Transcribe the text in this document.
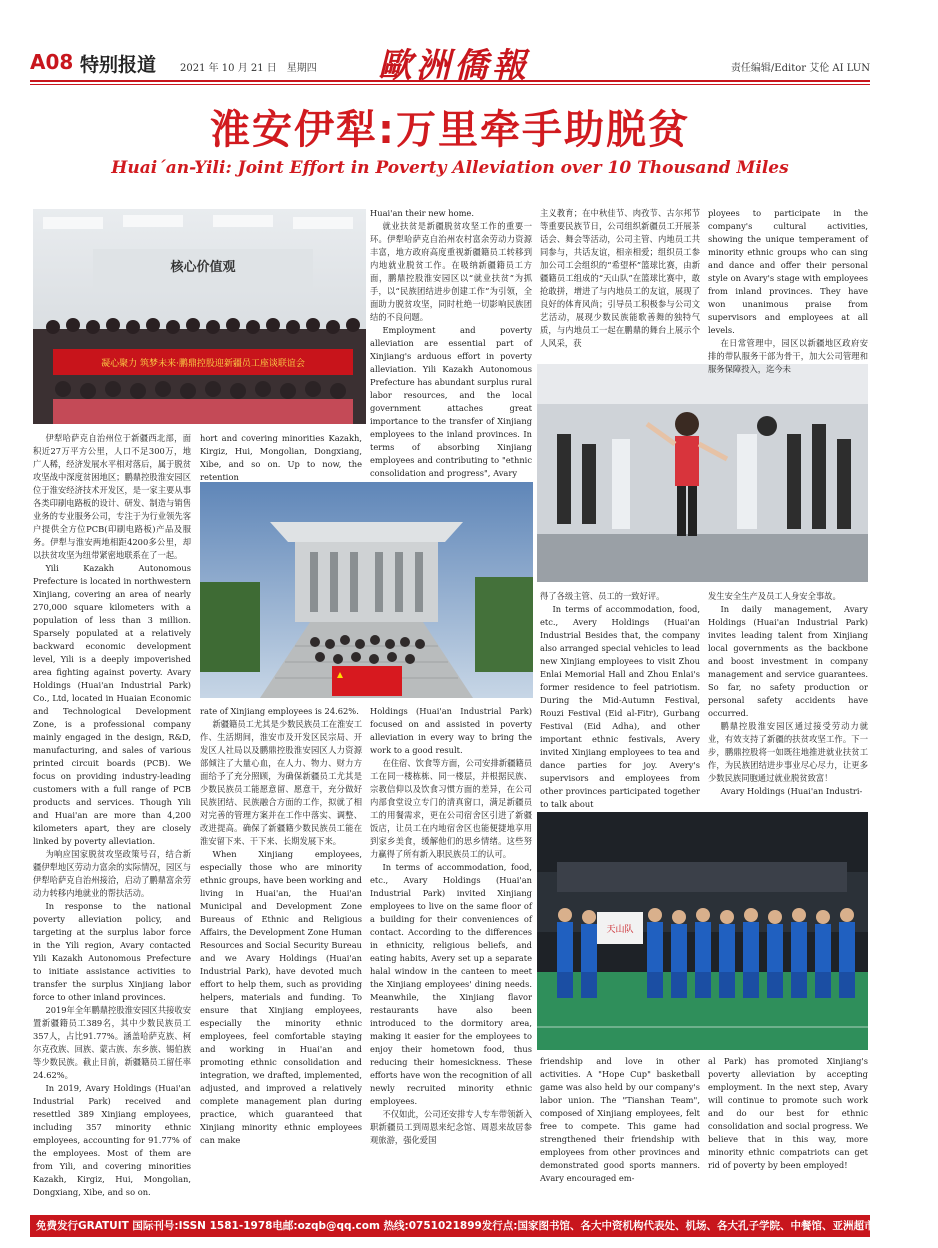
A08 特别报道 2021 年 10 月 21 日　星期四 歐洲僑報	责任编辑/Editor 艾伦 AI LUN
淮安伊犁:万里牵手助脱贫
Huai´an-Yili: Joint Effort in Poverty Alleviation over 10 Thousand Miles
核心价值观
凝心聚力 筑梦未来·鹏鼎控股迎新疆员工座谈联谊会
天山队

伊犁哈萨克自治州位于新疆西北部，面积近27万平方公里，人口不足300万，地广人稀，经济发展水平相对落后，属于脱贫攻坚战中深度贫困地区；鹏鼎控股淮安园区位于淮安经济技术开发区，是一家主要从事各类印刷电路板的设计、研发、制造与销售业务的专业服务公司，专注于为行业领先客户提供全方位PCB(印刷电路板)产品及服务。伊犁与淮安两地相距4200多公里，却以扶贫攻坚为纽带紧密地联系在了一起。

Yili Kazakh Autonomous Prefecture is located in northwestern Xinjiang, covering an area of nearly 270,000 square kilometers with a population of less than 3 million. Sparsely populated at a relatively backward economic development level, Yili is a deeply impoverished area fighting against poverty. Avary Holdings (Huai'an Industrial Park) Co., Ltd, located in Huaian Economic and Technological Development Zone, is a professional company mainly engaged in the design, R&D, manufacturing, and sales of various printed circuit boards (PCB). We focus on providing industry-leading customers with a full range of PCB products and services. Though Yili and Huai'an are more than 4,200 kilometers apart, they are closely linked by poverty alleviation.

为响应国家脱贫攻坚政策号召，结合新疆伊犁地区劳动力富余的实际情况，园区与伊犁哈萨克自治州接洽，启动了鹏鼎富余劳动力转移内地就业的帮扶活动。

In response to the national poverty alleviation policy, and targeting at the surplus labor force in the Yili region, Avary contacted Yili Kazakh Autonomous Prefecture to initiate assistance activities to transfer the surplus Xinjiang labor force to other inland provinces.

2019年全年鹏鼎控股淮安园区共接收安置新疆籍员工389名，其中少数民族员工357人，占比91.77%。涵盖哈萨克族、柯尔克孜族、回族、蒙古族、东乡族、锡伯族等少数民族。截止目前，新疆籍员工留任率24.62%。

In 2019, Avary Holdings (Huai'an Industrial Park) received and resettled 389 Xinjiang employees, including 357 minority ethnic employees, accounting for 91.77% of the employees. Most of them are from Yili, and covering minorities Kazakh, Kirgiz, Hui, Mongolian, Dongxiang, Xibe, and so on.

hort and covering minorities Kazakh, Kirgiz, Hui, Mongolian, Dongxiang, Xibe, and so on. Up to now, the retention

rate of Xinjiang employees is 24.62%.

新疆籍员工尤其是少数民族员工在淮安工作、生活期间，淮安市及开发区民宗局、开发区人社局以及鹏鼎控股淮安园区人力资源部倾注了大量心血，在人力、物力、财力方面给予了充分照顾，为确保新疆员工尤其是少数民族员工能愿意留、愿意干，充分做好民族团结、民族融合方面的工作，拟就了相对完善的管理方案并在工作中落实、调整、改进提高。确保了新疆籍少数民族员工能在淮安留下来、干下来、长期发展下来。

When Xinjiang employees, especially those who are minority ethnic groups, have been working and living in Huai'an, the Huai'an Municipal and Development Zone Bureaus of Ethnic and Religious Affairs, the Development Zone Human Resources and Social Security Bureau and we Avary Holdings (Huai'an Industrial Park), have devoted much effort to help them, such as providing helpers, materials and funding. To ensure that Xinjiang employees, especially the minority ethnic employees, feel comfortable staying and working in Huai'an and promoting ethnic consolidation and integration, we drafted, implemented, adjusted, and improved a relatively complete management plan during practice, which guaranteed that Xinjiang minority ethnic employees can make

Huai'an their new home.

就业扶贫是新疆脱贫攻坚工作的重要一环。伊犁哈萨克自治州农村富余劳动力资源丰富，地方政府高度重视新疆籍员工转移到内地就业脱贫工作。在吸纳新疆籍员工方面，鹏鼎控股淮安园区以“就业扶贫”为抓手，以“民族团结进步创建工作”为引领，全面助力脱贫攻坚，同时杜绝一切影响民族团结的不良问题。

Employment and poverty alleviation are essential part of Xinjiang's arduous effort in poverty alleviation. Yili Kazakh Autonomous Prefecture has abundant surplus rural labor resources, and the local government attaches great importance to the transfer of Xinjiang employees to the inland provinces. In terms of absorbing Xinjiang employees and contributing to "ethnic consolidation and progress", Avary

Holdings (Huai'an Industrial Park) focused on and assisted in poverty alleviation in every way to bring the work to a good result.

在住宿、饮食等方面，公司安排新疆籍员工在同一楼栋栋、同一楼层，并根据民族、宗教信仰以及饮食习惯方面的差异，在公司内部食堂设立专门的清真窗口，满足新疆员工的用餐需求，更在公司宿舍区引进了新疆饭店，让员工在内地宿舍区也能便捷地享用到家乡美食，缓解他们的思乡情绪。这些努力赢得了所有新入职民族员工的认可。

In terms of accommodation, food, etc., Avary Holdings (Huai'an Industrial Park) invited Xinjiang employees to live on the same floor of a building for their conveniences of contact. According to the differences in ethnicity, religious beliefs, and eating habits, Avery set up a separate halal window in the canteen to meet the Xinjiang employees' dining needs. Meanwhile, the Xinjiang flavor restaurants have also been introduced to the dormitory area, making it easier for the employees to enjoy their hometown food, thus reducing their homesickness. These efforts have won the recognition of all newly recruited minority ethnic employees.

不仅如此，公司还安排专人专车带领新入职新疆员工到周恩来纪念馆、周恩来故居参观旅游，强化爱国

主义教育；在中秋佳节、肉孜节、古尔邦节等重要民族节日，公司组织新疆员工开展茶话会、舞会等活动，公司主管、内地员工共同参与，共话友谊，相亲相爱；组织员工参加公司工会组织的“希望杯”篮球比赛，由新疆籍员工组成的“天山队”在篮球比赛中，敢抢敢拼，增进了与内地员工的友谊，展现了良好的体育风尚；引导员工积极参与公司文艺活动，展现少数民族能歌善舞的独特气质，与内地员工一起在鹏鼎的舞台上展示个人风采，获

得了各级主管、员工的一致好评。

In terms of accommodation, food, etc., Avery Holdings (Huai'an Industrial Besides that, the company also arranged special vehicles to lead new Xinjiang employees to visit Zhou Enlai Memorial Hall and Zhou Enlai's former residence to feel patriotism. During the Mid-Autumn Festival, Rouzi Festival (Eid al-Fitr), Gurbang Festival (Eid Adha), and other important ethnic festivals, Avery invited Xinjiang employees to tea and dance parties for joy. Avery's supervisors and employees from other provinces participated together to talk about

friendship and love in other activities. A "Hope Cup" basketball game was also held by our company's labor union. The "Tianshan Team", composed of Xinjiang employees, felt free to compete. This game had strengthened their friendship with employees from other provinces and demonstrated good sports manners. Avary encouraged em-

ployees to participate in the company's cultural activities, showing the unique temperament of minority ethnic groups who can sing and dance and offer their personal style on Avary's stage with employees from inland provinces. They have won unanimous praise from supervisors and employees at all levels.

在日常管理中，园区以新疆地区政府安排的带队服务干部为骨干，加大公司管理和服务保障投入，迄今未

发生安全生产及员工人身安全事故。

In daily management, Avary Holdings (Huai'an Industrial Park) invites leading talent from Xinjiang local governments as the backbone and boost investment in company management and service guarantees. So far, no safety production or personal safety accidents have occurred.

鹏鼎控股淮安园区通过接受劳动力就业，有效支持了新疆的扶贫攻坚工作。下一步，鹏鼎控股将一如既往地推进就业扶贫工作，为民族团结进步事业尽心尽力，让更多少数民族同胞通过就业脱贫致富！

Avary Holdings (Huai'an Industri-

al Park) has promoted Xinjiang's poverty alleviation by accepting employment. In the next step, Avary will continue to promote such work and do our best for ethnic consolidation and social progress. We believe that in this way, more minority ethnic compatriots can get rid of poverty by been employed!

免费发行GRATUIT 国际刊号:ISSN 1581-1978电邮:ozqb@qq.com 热线:0751021899发行点:国家图书馆、各大中资机构代表处、机场、各大孔子学院、中餐馆、亚洲超市、华人市场等
